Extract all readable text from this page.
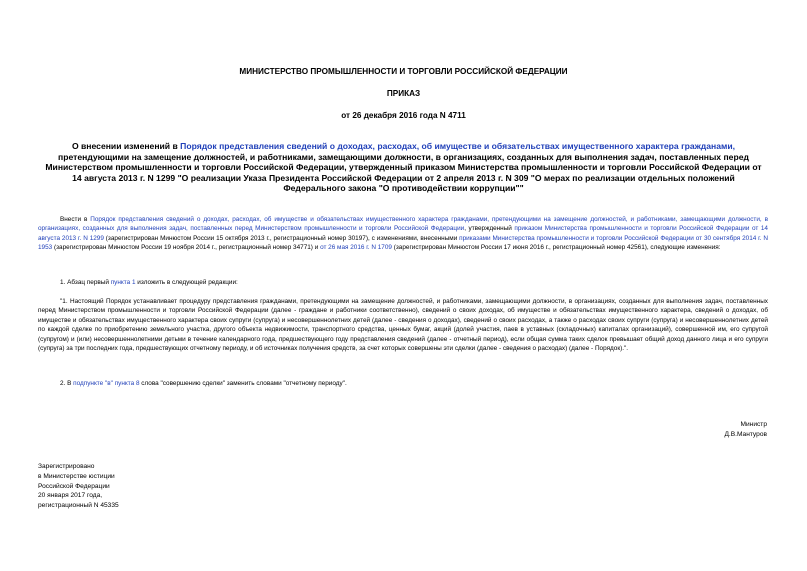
МИНИСТЕРСТВО ПРОМЫШЛЕННОСТИ И ТОРГОВЛИ РОССИЙСКОЙ ФЕДЕРАЦИИ
ПРИКАЗ
от 26 декабря 2016 года N 4711
О внесении изменений в Порядок представления сведений о доходах, расходах, об имуществе и обязательствах имущественного характера гражданами, претендующими на замещение должностей, и работниками, замещающими должности, в организациях, созданных для выполнения задач, поставленных перед Министерством промышленности и торговли Российской Федерации, утвержденный приказом Министерства промышленности и торговли Российской Федерации от 14 августа 2013 г. N 1299 "О реализации Указа Президента Российской Федерации от 2 апреля 2013 г. N 309 "О мерах по реализации отдельных положений Федерального закона "О противодействии коррупции""

Внести в Порядок представления сведений о доходах, расходах, об имуществе и обязательствах имущественного характера гражданами, претендующими на замещение должностей, и работниками, замещающими должности, в организациях, созданных для выполнения задач, поставленных перед Министерством промышленности и торговли Российской Федерации, утвержденный приказом Министерства промышленности и торговли Российской Федерации от 14 августа 2013 г. N 1299 (зарегистрирован Минюстом России 15 октября 2013 г., регистрационный номер 30197), с изменениями, внесенными приказами Министерства промышленности и торговли Российской Федерации от 30 сентября 2014 г. N 1953 (зарегистрирован Минюстом России 19 ноября 2014 г., регистрационный номер 34771) и от 26 мая 2016 г. N 1709 (зарегистрирован Минюстом России 17 июня 2016 г., регистрационный номер 42561), следующие изменения:

1. Абзац первый пункта 1 изложить в следующей редакции:

"1. Настоящий Порядок устанавливает процедуру представления гражданами, претендующими на замещение должностей, и работниками, замещающими должности, в организациях, созданных для выполнения задач, поставленных перед Министерством промышленности и торговли Российской Федерации (далее - граждане и работники соответственно), сведений о своих доходах, об имуществе и обязательствах имущественного характера, сведений о доходах, об имуществе и обязательствах имущественного характера своих супруги (супруга) и несовершеннолетних детей (далее - сведения о доходах), сведений о своих расходах, а также о расходах своих супруги (супруга) и несовершеннолетних детей по каждой сделке по приобретению земельного участка, другого объекта недвижимости, транспортного средства, ценных бумаг, акций (долей участия, паев в уставных (складочных) капиталах организаций), совершенной им, его супругой (супругом) и (или) несовершеннолетними детьми в течение календарного года, предшествующего году представления сведений (далее - отчетный период), если общая сумма таких сделок превышает общий доход данного лица и его супруги (супруга) за три последних года, предшествующих отчетному периоду, и об источниках получения средств, за счет которых совершены эти сделки (далее - сведения о расходах) (далее - Порядок).".

2. В подпункте "в" пункта 8 слова "совершению сделки" заменить словами "отчетному периоду".

Министр
Д.В.Мантуров
Зарегистрировано
в Министерстве юстиции
Российской Федерации
20 января 2017 года,
регистрационный N 45335
